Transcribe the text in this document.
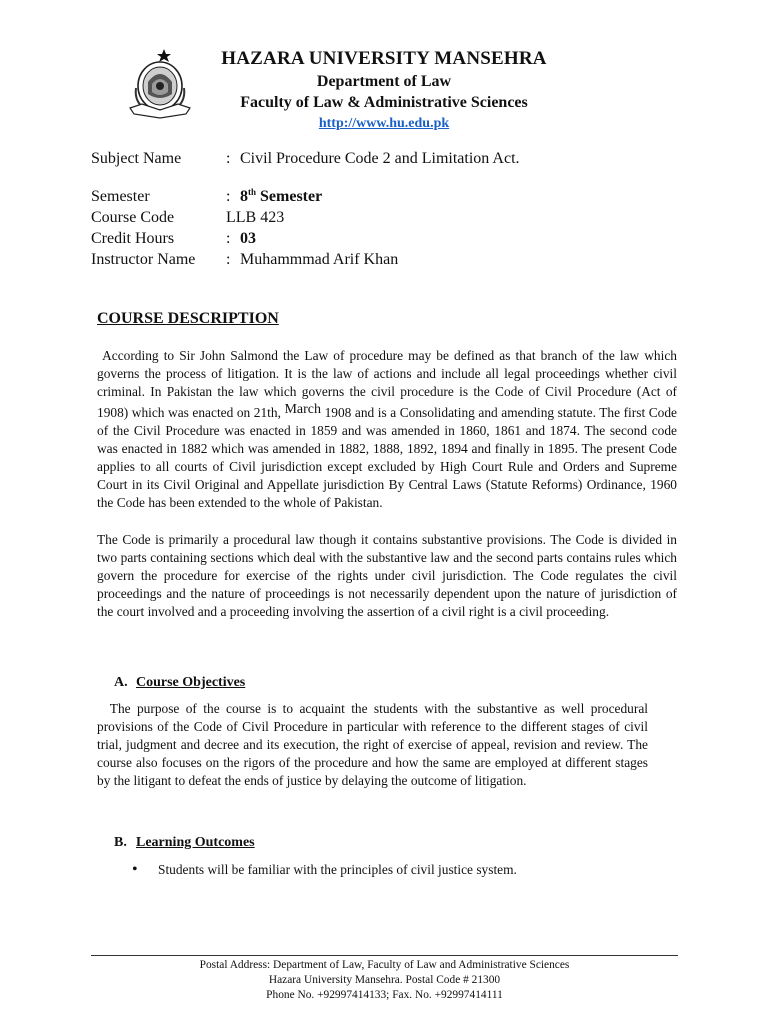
HAZARA UNIVERSITY MANSEHRA
Department of Law
Faculty of Law & Administrative Sciences
http://www.hu.edu.pk
Subject Name	: Civil Procedure Code 2 and Limitation Act.
Semester	: 8th Semester
Course Code	LLB 423
Credit Hours	: 03
Instructor Name : Muhammmad Arif Khan
COURSE DESCRIPTION
According to Sir John Salmond the Law of procedure may be defined as that branch of the law which governs the process of litigation. It is the law of actions and include all legal proceedings whether civil criminal. In Pakistan the law which governs the civil procedure is the Code of Civil Procedure (Act of 1908) which was enacted on 21th, March 1908 and is a Consolidating and amending statute. The first Code of the Civil Procedure was enacted in 1859 and was amended in 1860, 1861 and 1874. The second code was enacted in 1882 which was amended in 1882, 1888, 1892, 1894 and finally in 1895. The present Code applies to all courts of Civil jurisdiction except excluded by High Court Rule and Orders and Supreme Court in its Civil Original and Appellate jurisdiction By Central Laws (Statute Reforms) Ordinance, 1960 the Code has been extended to the whole of Pakistan.
The Code is primarily a procedural law though it contains substantive provisions. The Code is divided in two parts containing sections which deal with the substantive law and the second parts contains rules which govern the procedure for exercise of the rights under civil jurisdiction. The Code regulates the civil proceedings and the nature of proceedings is not necessarily dependent upon the nature of jurisdiction of the court involved and a proceeding involving the assertion of a civil right is a civil proceeding.
A. Course Objectives
The purpose of the course is to acquaint the students with the substantive as well procedural provisions of the Code of Civil Procedure in particular with reference to the different stages of civil trial, judgment and decree and its execution, the right of exercise of appeal, revision and review. The course also focuses on the rigors of the procedure and how the same are employed at different stages by the litigant to defeat the ends of justice by delaying the outcome of litigation.
B. Learning Outcomes
• Students will be familiar with the principles of civil justice system.
Postal Address: Department of Law, Faculty of Law and Administrative Sciences
Hazara University Mansehra. Postal Code # 21300
Phone No. +92997414133; Fax. No. +92997414111
